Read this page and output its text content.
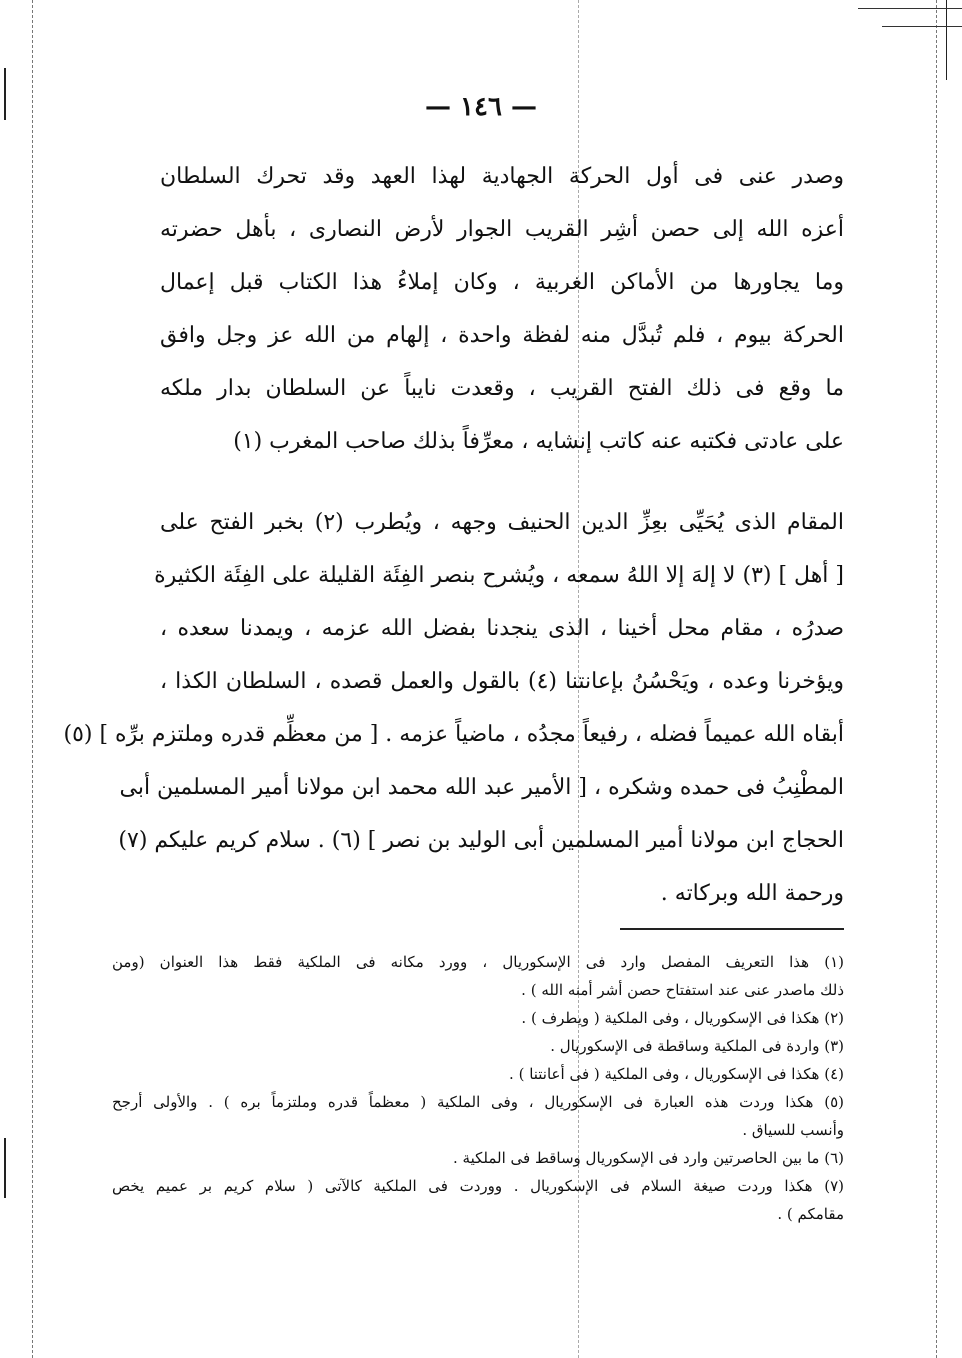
— ١٤٦ —
وصدر عنى فى أول الحركة الجهادية لهذا العهد وقد تحرك السلطان
أعزه الله إلى حصن أشِر القريب الجوار لأرض النصارى ، بأهل حضرته
وما يجاورها من الأماكن الغربية ، وكان إملاءُ هذا الكتاب قبل إعمال
الحركة بيوم ، فلم تُبدَّل منه لفظة واحدة ، إلهام من الله عز وجل وافق
ما وقع فى ذلك الفتح القريب ، وقعدت نايباً عن السلطان بدار ملكه
على عادتى فكتبه عنه كاتب إنشايه ، معرِّفاً بذلك صاحب المغرب (١)
المقام الذى يُحَيِّى بعِزِّ الدين الحنيف وجهه ، ويُطرب (٢) بخبر الفتح على
[ أهل ] (٣) لا إلهَ إلا اللهُ سمعه ، ويُشرح بنصر الفِئَة القليلة على الفِئَة الكثيرة
صدرُه ، مقام محل أخينا ، الذى ينجدنا بفضل الله عزمه ، ويمدنا سعده ،
ويؤخرنا وعده ، ويَحْسُنُ بإعانتنا (٤) بالقول والعمل قصده ، السلطان الكذا ،
أبقاه الله عميماً فضله ، رفيعاً مجدُه ، ماضياً عزمه . [ من معظِّم قدره وملتزم برِّه ] (٥)
المطْنِبُ فى حمده وشكره ، [ الأمير عبد الله محمد ابن مولانا أمير المسلمين أبى
الحجاج ابن مولانا أمير المسلمين أبى الوليد بن نصر ] (٦) . سلام كريم عليكم (٧)
ورحمة الله وبركاته .
(١) هذا التعريف المفصل وارد فى الإسكوريال ، وورد مكانه فى الملكية فقط هذا العنوان (ومن
ذلك ماصدر عنى عند استفتاح حصن أشر أمنه الله ) .
(٢) هكذا فى الإسكوريال ، وفى الملكية ( ويطرف ) .
(٣) واردة فى الملكية وساقطة فى الإسكوريال .
(٤) هكذا فى الإسكوريال ، وفى الملكية ( فى أعانتنا ) .
(٥) هكذا وردت هذه العبارة فى الإسكوريال ، وفى الملكية ( معظماً قدره وملتزماً بره ) . والأولى أرجح
وأنسب للسياق .
(٦) ما بين الحاصرتين وارد فى الإسكوريال وساقط فى الملكية .
(٧) هكذا وردت صيغة السلام فى الإسكوريال . ووردت فى الملكية كالآتى ( سلام كريم بر عميم يخص
مقامكم ) .
